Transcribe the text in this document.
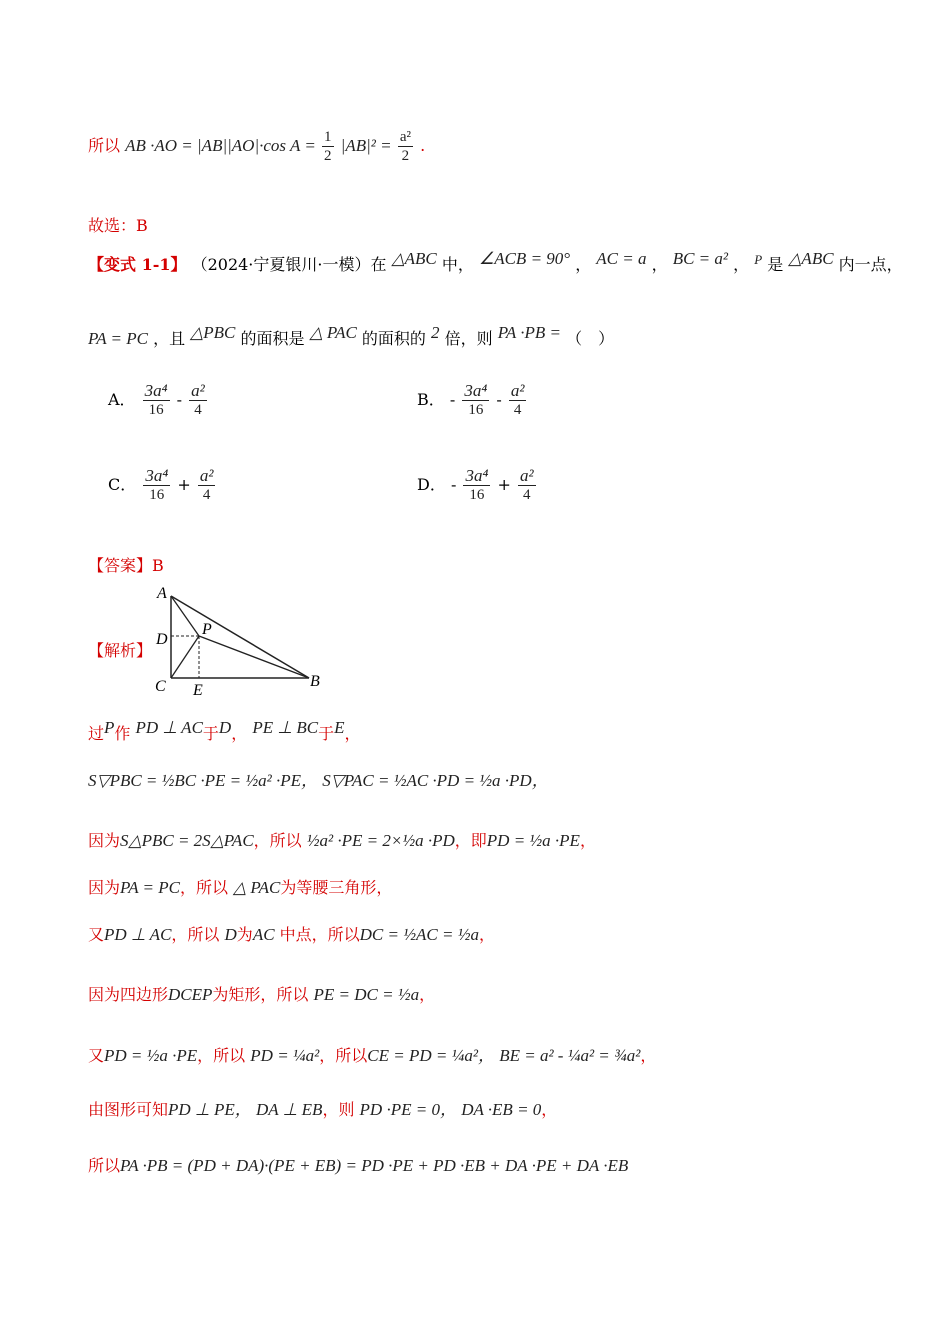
所以 AB ·AO = |AB||AO|·cos $A = \frac{1}{2} |AB|^2 = \frac{\text{a²}}{2}$ .
故选：B
【变式 1-1】 （2024·宁夏银川·一模）在 △ABC 中， ∠ACB = 90° ， AC = a ， BC = a² ， $^P$ 是 △ABC 内一点，
PA = PC ，且 △PBC 的面积是 △ PAC 的面积的 2 倍，则 PA ·PB = （　）
A． $\frac{\text{3a⁴}}{16} - \frac{\text{a²}}{4}$	B． - $\frac{\text{3a⁴}}{16} - \frac{\text{a²}}{4}$
C． $\frac{\text{3a⁴}}{16} + \frac{\text{a²}}{4}$	D． - $\frac{\text{3a⁴}}{16} + \frac{\text{a²}}{4}$
【答案】B
【解析】
A
D
P
C E
B
过P作 PD ⊥ AC于D， PE ⊥ BC于E，
S▽PBC = ½BC ·PE = ½a² ·PE， S▽PAC = ½AC ·PD = ½a ·PD，
因为S△PBC = 2S△PAC，所以 ½a² ·PE = 2×½a ·PD，即PD = ½a ·PE，
因为PA = PC，所以 △ PAC为等腰三角形，
又PD ⊥ AC，所以 D为AC 中点，所以DC = ½AC = ½a，
因为四边形DCEP为矩形，所以 PE = DC = ½a，
又PD = ½a ·PE，所以 PD = ¼a²，所以CE = PD = ¼a²， BE = a² - ¼a² = ¾a²，
由图形可知PD ⊥ PE， DA ⊥ EB，则 PD ·PE = 0， DA ·EB = 0，
所以PA ·PB = (PD + DA)·(PE + EB) = PD ·PE + PD ·EB + DA ·PE + DA ·EB
